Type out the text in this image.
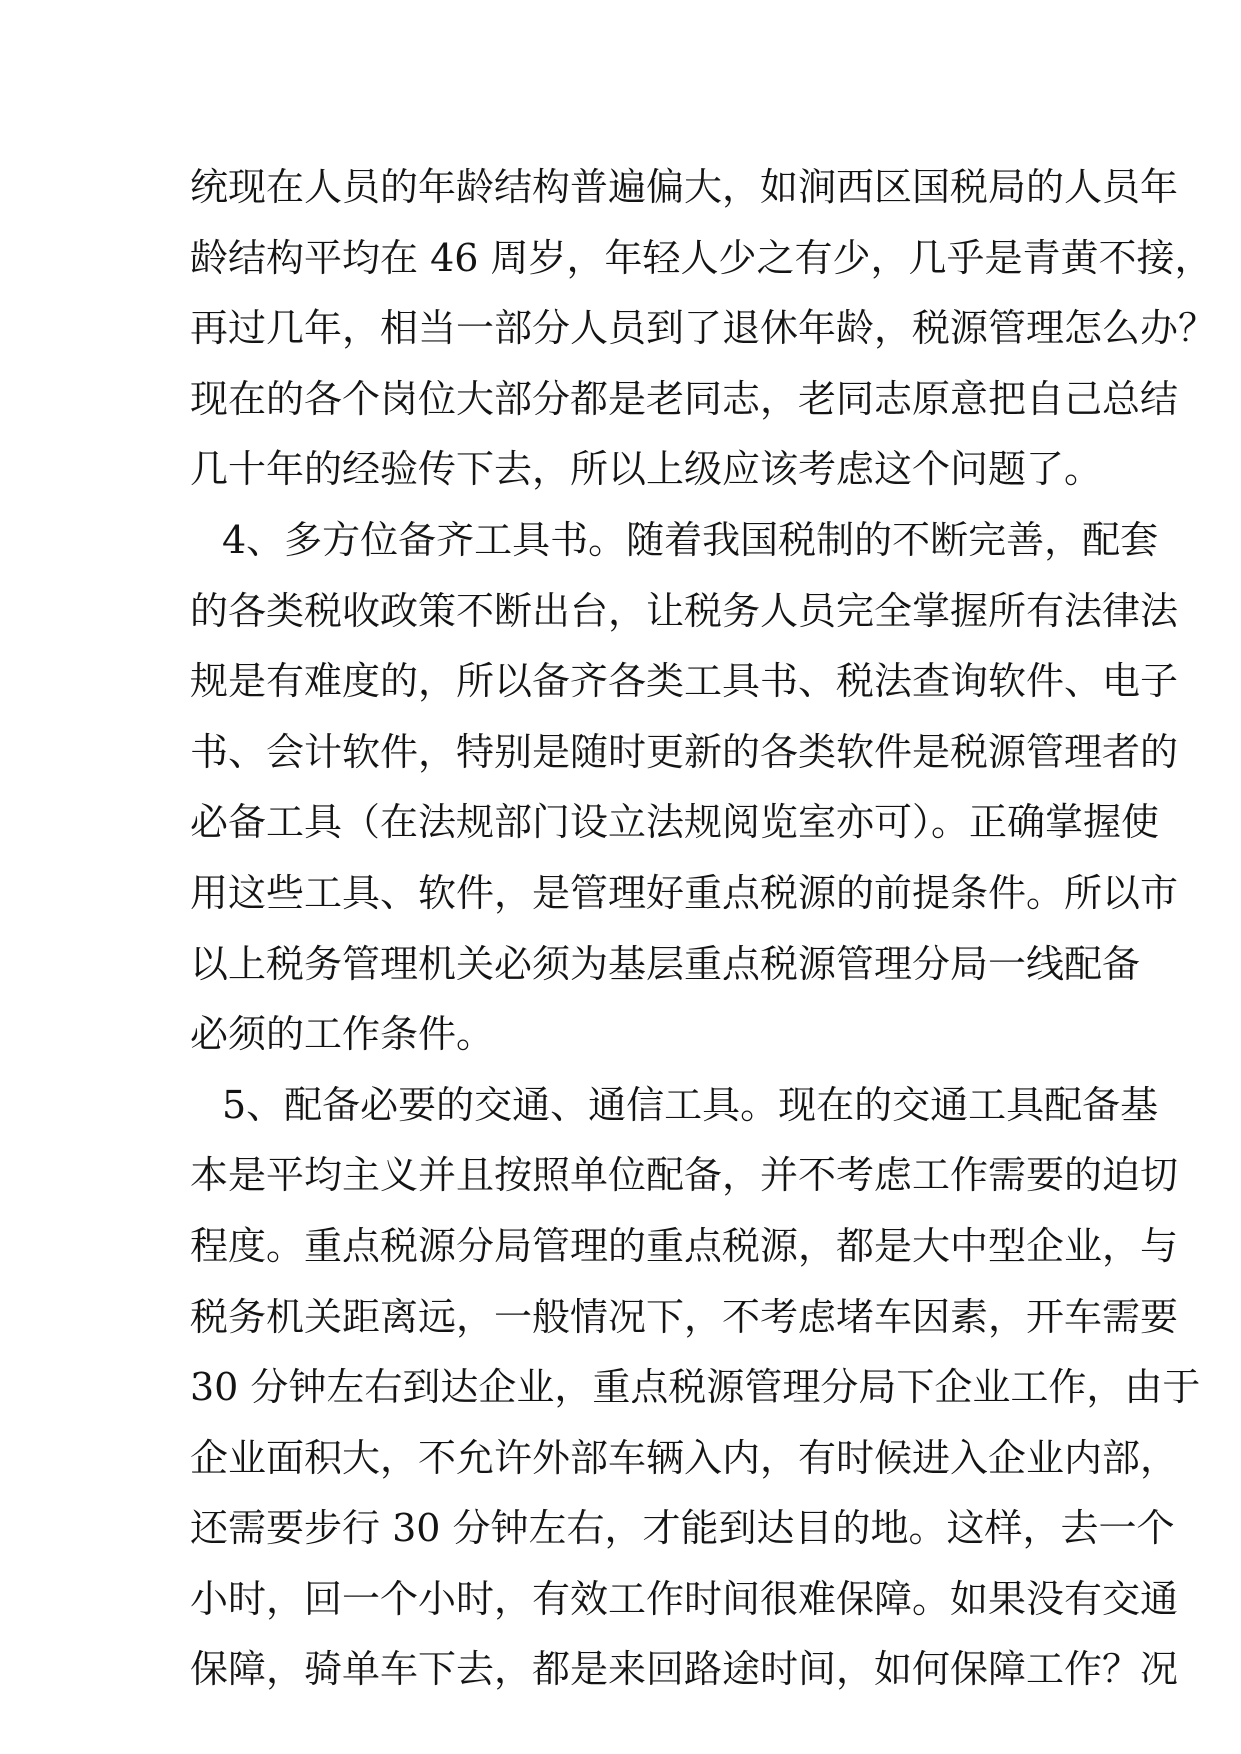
统现在人员的年龄结构普遍偏大，如涧西区国税局的人员年
龄结构平均在 46 周岁，年轻人少之有少，几乎是青黄不接，
再过几年，相当一部分人员到了退休年龄，税源管理怎么办？
现在的各个岗位大部分都是老同志，老同志原意把自己总结
几十年的经验传下去，所以上级应该考虑这个问题了。
4、多方位备齐工具书。随着我国税制的不断完善，配套
的各类税收政策不断出台，让税务人员完全掌握所有法律法
规是有难度的，所以备齐各类工具书、税法查询软件、电子
书、会计软件，特别是随时更新的各类软件是税源管理者的
必备工具（在法规部门设立法规阅览室亦可）。正确掌握使
用这些工具、软件，是管理好重点税源的前提条件。所以市
以上税务管理机关必须为基层重点税源管理分局一线配备
必须的工作条件。
5、配备必要的交通、通信工具。现在的交通工具配备基
本是平均主义并且按照单位配备，并不考虑工作需要的迫切
程度。重点税源分局管理的重点税源，都是大中型企业，与
税务机关距离远，一般情况下，不考虑堵车因素，开车需要
30 分钟左右到达企业，重点税源管理分局下企业工作，由于
企业面积大，不允许外部车辆入内，有时候进入企业内部，
还需要步行 30 分钟左右，才能到达目的地。这样，去一个
小时，回一个小时，有效工作时间很难保障。如果没有交通
保障，骑单车下去，都是来回路途时间，如何保障工作？况
